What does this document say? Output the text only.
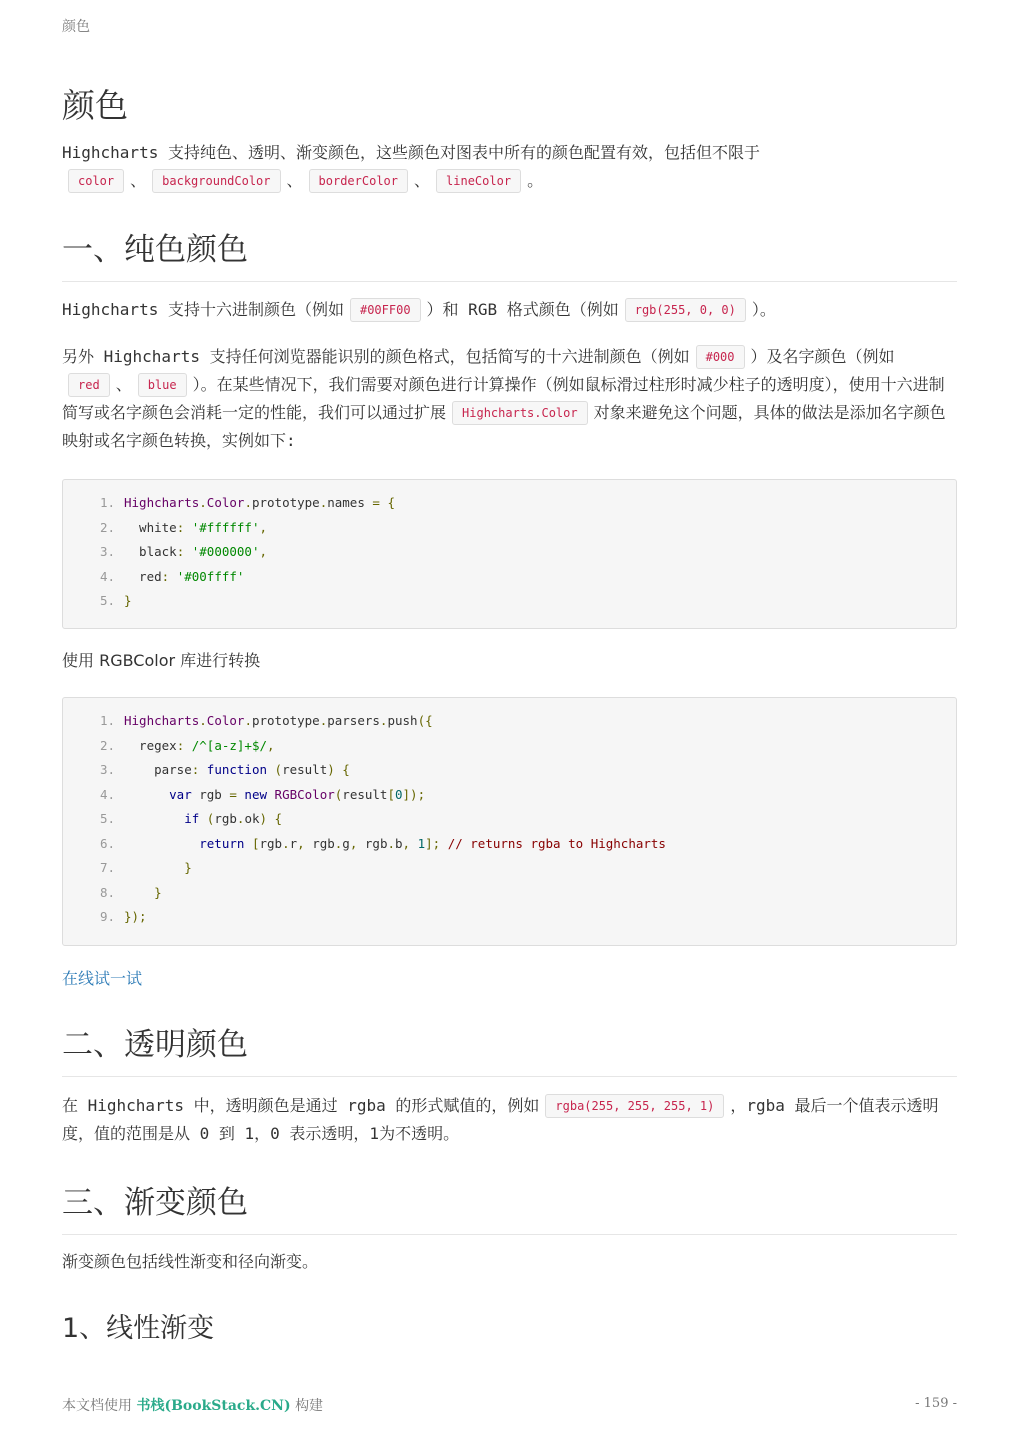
颜色
颜色

Highcharts 支持纯色、透明、渐变颜色，这些颜色对图表中所有的颜色配置有效，包括但不限于
color 、 backgroundColor 、 borderColor 、 lineColor 。

一、纯色颜色

Highcharts 支持十六进制颜色（例如 #00FF00 ）和 RGB 格式颜色（例如 rgb(255, 0, 0) ）。

另外 Highcharts 支持任何浏览器能识别的颜色格式，包括简写的十六进制颜色（例如 #000 ）及名字颜色（例如red 、 blue ）。在某些情况下，我们需要对颜色进行计算操作（例如鼠标滑过柱形时减少柱子的透明度），使用十六进制简写或名字颜色会消耗一定的性能，我们可以通过扩展 Highcharts.Color 对象来避免这个问题，具体的做法是添加名字颜色映射或名字颜色转换，实例如下:

1. Highcharts.Color.prototype.names = {
2.  white: '#ffffff',
3.  black: '#000000',
4.  red: '#00ffff'
5. }

使用 RGBColor 库进行转换

1. Highcharts.Color.prototype.parsers.push({
2.  regex: /^[a-z]+$/,
3.    parse: function (result) {
4.      var rgb = new RGBColor(result[0]);
5.        if (rgb.ok) {
6.          return [rgb.r, rgb.g, rgb.b, 1]; // returns rgba to Highcharts
7.        }
8.    }
9. });
在线试一试
二、透明颜色

在 Highcharts 中，透明颜色是通过 rgba 的形式赋值的，例如 rgba(255, 255, 255, 1) ，rgba 最后一个值表示透明度，值的范围是从 0 到 1，0 表示透明，1为不透明。

三、渐变颜色

渐变颜色包括线性渐变和径向渐变。

1、线性渐变
本文档使用 书栈(BookStack.CN) 构建	- 159 -
